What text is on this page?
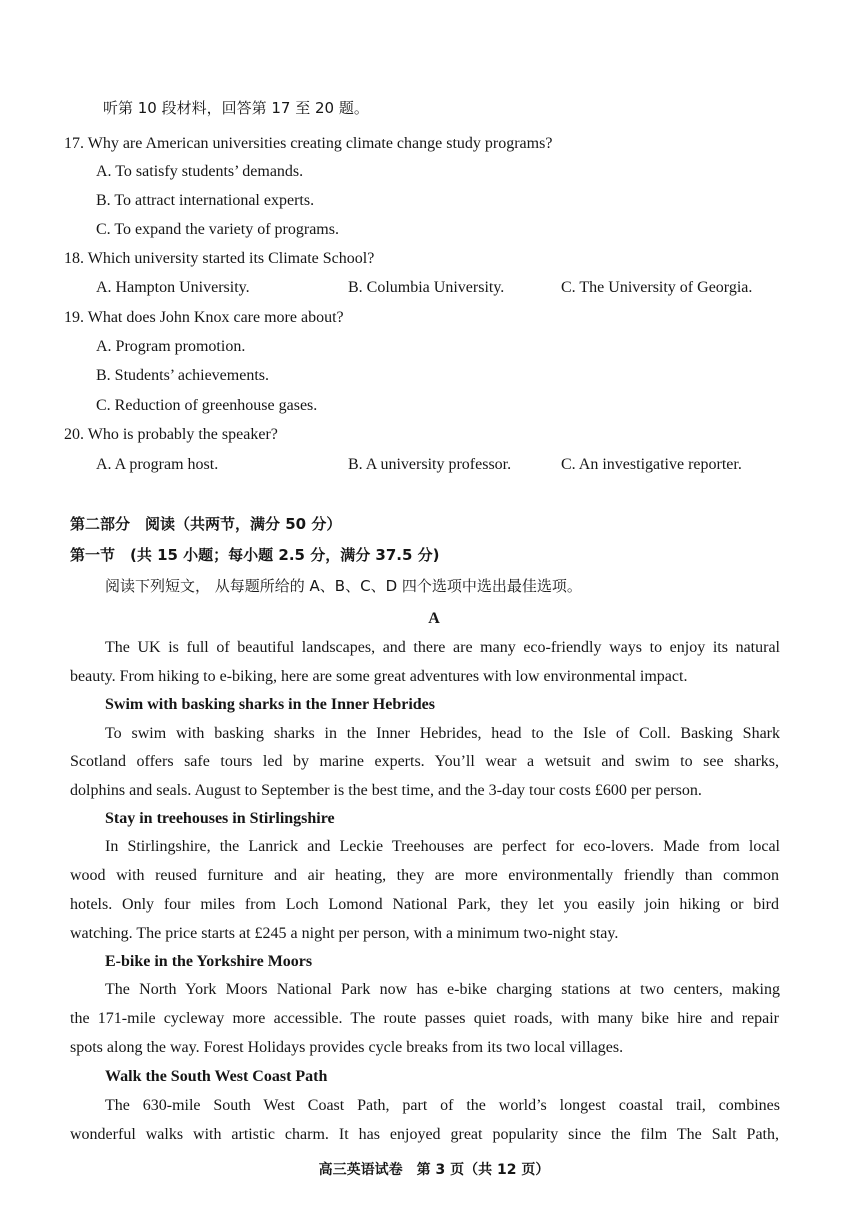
听第 10 段材料，回答第 17 至 20 题。
17. Why are American universities creating climate change study programs?
A. To satisfy students’ demands.
B. To attract international experts.
C. To expand the variety of programs.
18. Which university started its Climate School?
A. Hampton University.	B. Columbia University.	C. The University of Georgia.
19. What does John Knox care more about?
A. Program promotion.
B. Students’ achievements.
C. Reduction of greenhouse gases.
20. Who is probably the speaker?
A. A program host.	B. A university professor.	C. An investigative reporter.
第二部分　阅读（共两节，满分 50 分）
第一节　(共 15 小题；每小题 2.5 分，满分 37.5 分)
阅读下列短文， 从每题所给的 A、B、C、D 四个选项中选出最佳选项。
A
The UK is full of beautiful landscapes, and there are many eco-friendly ways to enjoy its natural
beauty. From hiking to e-biking, here are some great adventures with low environmental impact.
Swim with basking sharks in the Inner Hebrides
To swim with basking sharks in the Inner Hebrides, head to the Isle of Coll. Basking Shark
Scotland offers safe tours led by marine experts. You’ll wear a wetsuit and swim to see sharks,
dolphins and seals. August to September is the best time, and the 3-day tour costs £600 per person.
Stay in treehouses in Stirlingshire
In Stirlingshire, the Lanrick and Leckie Treehouses are perfect for eco-lovers. Made from local
wood with reused furniture and air heating, they are more environmentally friendly than common
hotels. Only four miles from Loch Lomond National Park, they let you easily join hiking or bird
watching. The price starts at £245 a night per person, with a minimum two-night stay.
E-bike in the Yorkshire Moors
The North York Moors National Park now has e-bike charging stations at two centers, making
the 171-mile cycleway more accessible. The route passes quiet roads, with many bike hire and repair
spots along the way. Forest Holidays provides cycle breaks from its two local villages.
Walk the South West Coast Path
The 630-mile South West Coast Path, part of the world’s longest coastal trail, combines
wonderful walks with artistic charm. It has enjoyed great popularity since the film The Salt Path,
高三英语试卷　第 3 页（共 12 页）
